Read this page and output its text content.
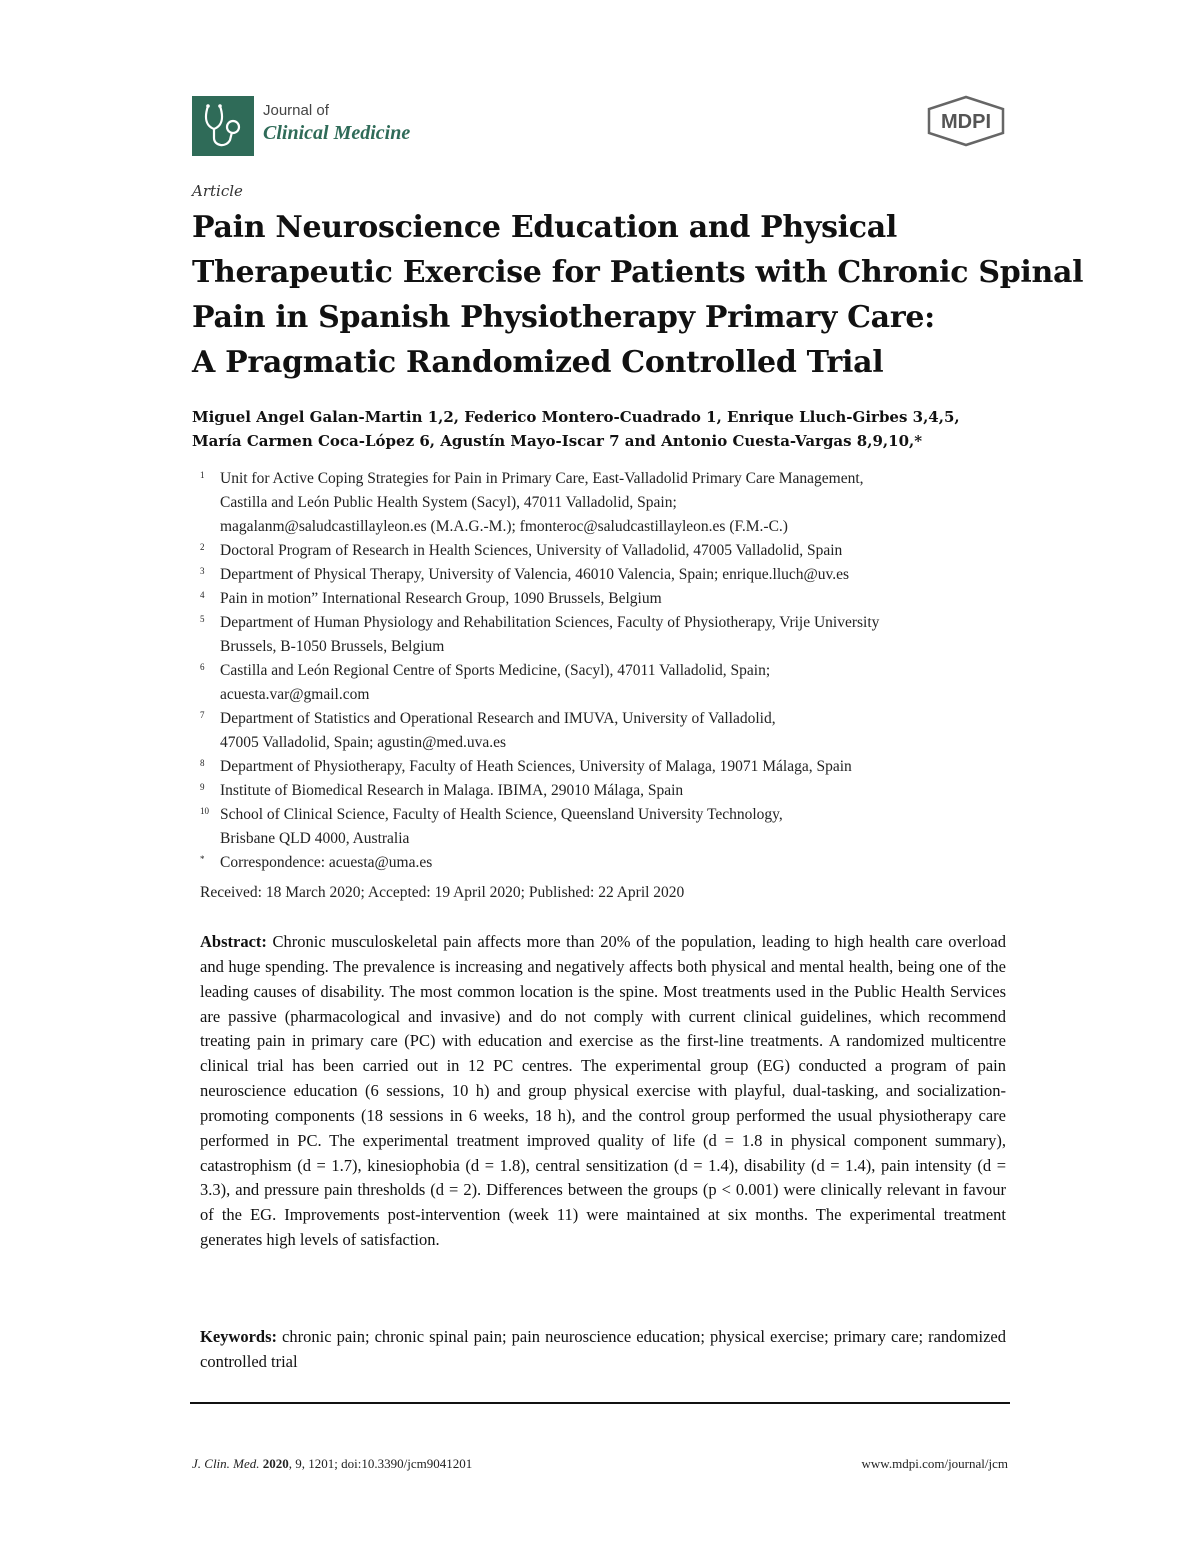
Journal of
Clinical Medicine	MDPI
Article
Pain Neuroscience Education and Physical
Therapeutic Exercise for Patients with Chronic Spinal
Pain in Spanish Physiotherapy Primary Care:
A Pragmatic Randomized Controlled Trial
Miguel Angel Galan-Martin 1,2, Federico Montero-Cuadrado 1, Enrique Lluch-Girbes 3,4,5,
María Carmen Coca-López 6, Agustín Mayo-Iscar 7 and Antonio Cuesta-Vargas 8,9,10,*
1 Unit for Active Coping Strategies for Pain in Primary Care, East-Valladolid Primary Care Management,
Castilla and León Public Health System (Sacyl), 47011 Valladolid, Spain;
magalanm@saludcastillayleon.es (M.A.G.-M.); fmonteroc@saludcastillayleon.es (F.M.-C.)
2 Doctoral Program of Research in Health Sciences, University of Valladolid, 47005 Valladolid, Spain
3 Department of Physical Therapy, University of Valencia, 46010 Valencia, Spain; enrique.lluch@uv.es
4 Pain in motion” International Research Group, 1090 Brussels, Belgium
5 Department of Human Physiology and Rehabilitation Sciences, Faculty of Physiotherapy, Vrije University
Brussels, B-1050 Brussels, Belgium
6 Castilla and León Regional Centre of Sports Medicine, (Sacyl), 47011 Valladolid, Spain;
acuesta.var@gmail.com
7 Department of Statistics and Operational Research and IMUVA, University of Valladolid,
47005 Valladolid, Spain; agustin@med.uva.es
8 Department of Physiotherapy, Faculty of Heath Sciences, University of Malaga, 19071 Málaga, Spain
9 Institute of Biomedical Research in Malaga. IBIMA, 29010 Málaga, Spain
10 School of Clinical Science, Faculty of Health Science, Queensland University Technology,
Brisbane QLD 4000, Australia
* Correspondence: acuesta@uma.es
Received: 18 March 2020; Accepted: 19 April 2020; Published: 22 April 2020

Abstract: Chronic musculoskeletal pain affects more than 20% of the population, leading to high health care overload and huge spending. The prevalence is increasing and negatively affects both physical and mental health, being one of the leading causes of disability. The most common location is the spine. Most treatments used in the Public Health Services are passive (pharmacological and invasive) and do not comply with current clinical guidelines, which recommend treating pain in primary care (PC) with education and exercise as the first-line treatments. A randomized multicentre clinical trial has been carried out in 12 PC centres. The experimental group (EG) conducted a program of pain neuroscience education (6 sessions, 10 h) and group physical exercise with playful, dual-tasking, and socialization-promoting components (18 sessions in 6 weeks, 18 h), and the control group performed the usual physiotherapy care performed in PC. The experimental treatment improved quality of life (d = 1.8 in physical component summary), catastrophism (d = 1.7), kinesiophobia (d = 1.8), central sensitization (d = 1.4), disability (d = 1.4), pain intensity (d = 3.3), and pressure pain thresholds (d = 2). Differences between the groups (p < 0.001) were clinically relevant in favour of the EG. Improvements post-intervention (week 11) were maintained at six months. The experimental treatment generates high levels of satisfaction.

Keywords: chronic pain; chronic spinal pain; pain neuroscience education; physical exercise; primary care; randomized controlled trial

J. Clin. Med. 2020, 9, 1201; doi:10.3390/jcm9041201	www.mdpi.com/journal/jcm
